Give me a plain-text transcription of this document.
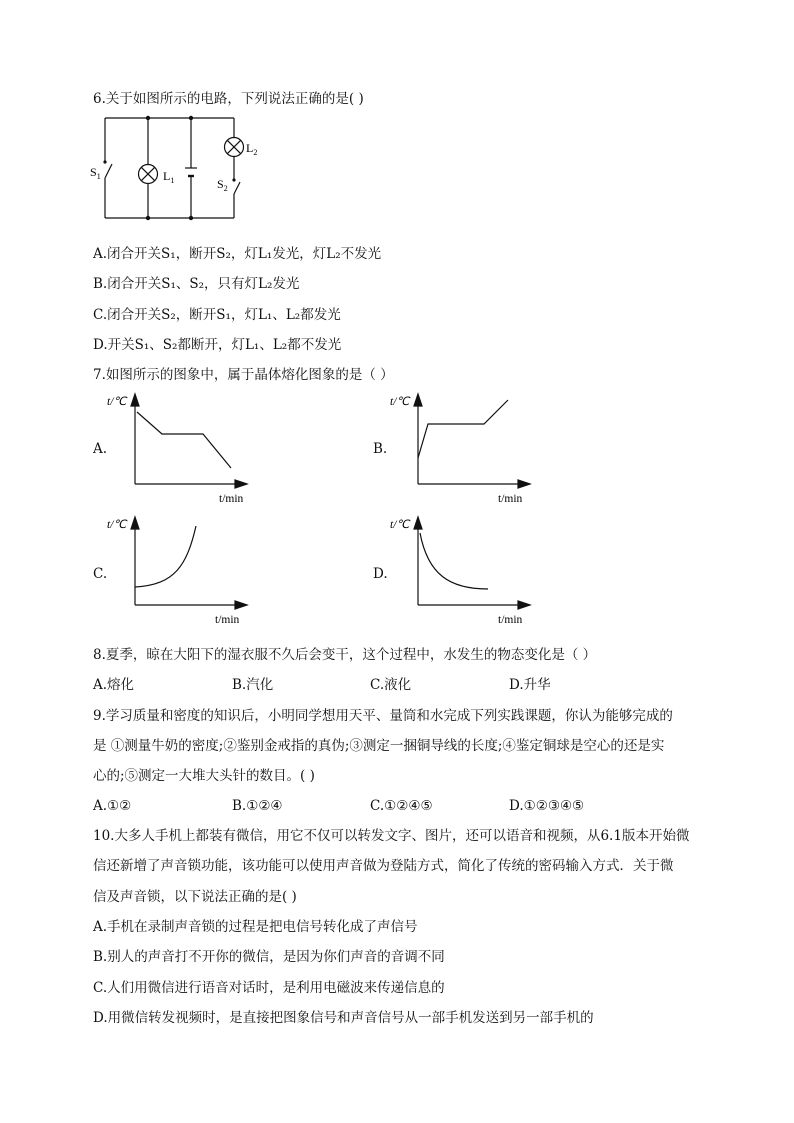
6.关于如图所示的电路，下列说法正确的是( )
$S_1$	$L_1$
$L_2$
$S_2$
A.闭合开关S₁，断开S₂，灯L₁发光，灯L₂不发光
B.闭合开关S₁、S₂，只有灯L₂发光
C.闭合开关S₂，断开S₁，灯L₁、L₂都发光
D.开关S₁、S₂都断开，灯L₁、L₂都不发光
7.如图所示的图象中，属于晶体熔化图象的是（ ）
A.
t/℃
t/min
B.
t/℃
t/min
C.
t/℃
t/min
D.
t/℃
t/min
8.夏季，晾在大阳下的湿衣服不久后会变干，这个过程中，水发生的物态变化是（ ）
A.熔化	B.汽化	C.液化	D.升华
9.学习质量和密度的知识后，小明同学想用天平、量筒和水完成下列实践课题，你认为能够完成的
是 ①测量牛奶的密度;②鉴别金戒指的真伪;③测定一捆铜导线的长度;④鉴定铜球是空心的还是实
心的;⑤测定一大堆大头针的数目。( )
A.①②	B.①②④	C.①②④⑤	D.①②③④⑤
10.大多人手机上都装有微信，用它不仅可以转发文字、图片，还可以语音和视频，从6.1版本开始微
信还新增了声音锁功能，该功能可以使用声音做为登陆方式，简化了传统的密码输入方式．关于微
信及声音锁，以下说法正确的是( )
A.手机在录制声音锁的过程是把电信号转化成了声信号
B.别人的声音打不开你的微信，是因为你们声音的音调不同
C.人们用微信进行语音对话时，是利用电磁波来传递信息的
D.用微信转发视频时，是直接把图象信号和声音信号从一部手机发送到另一部手机的
